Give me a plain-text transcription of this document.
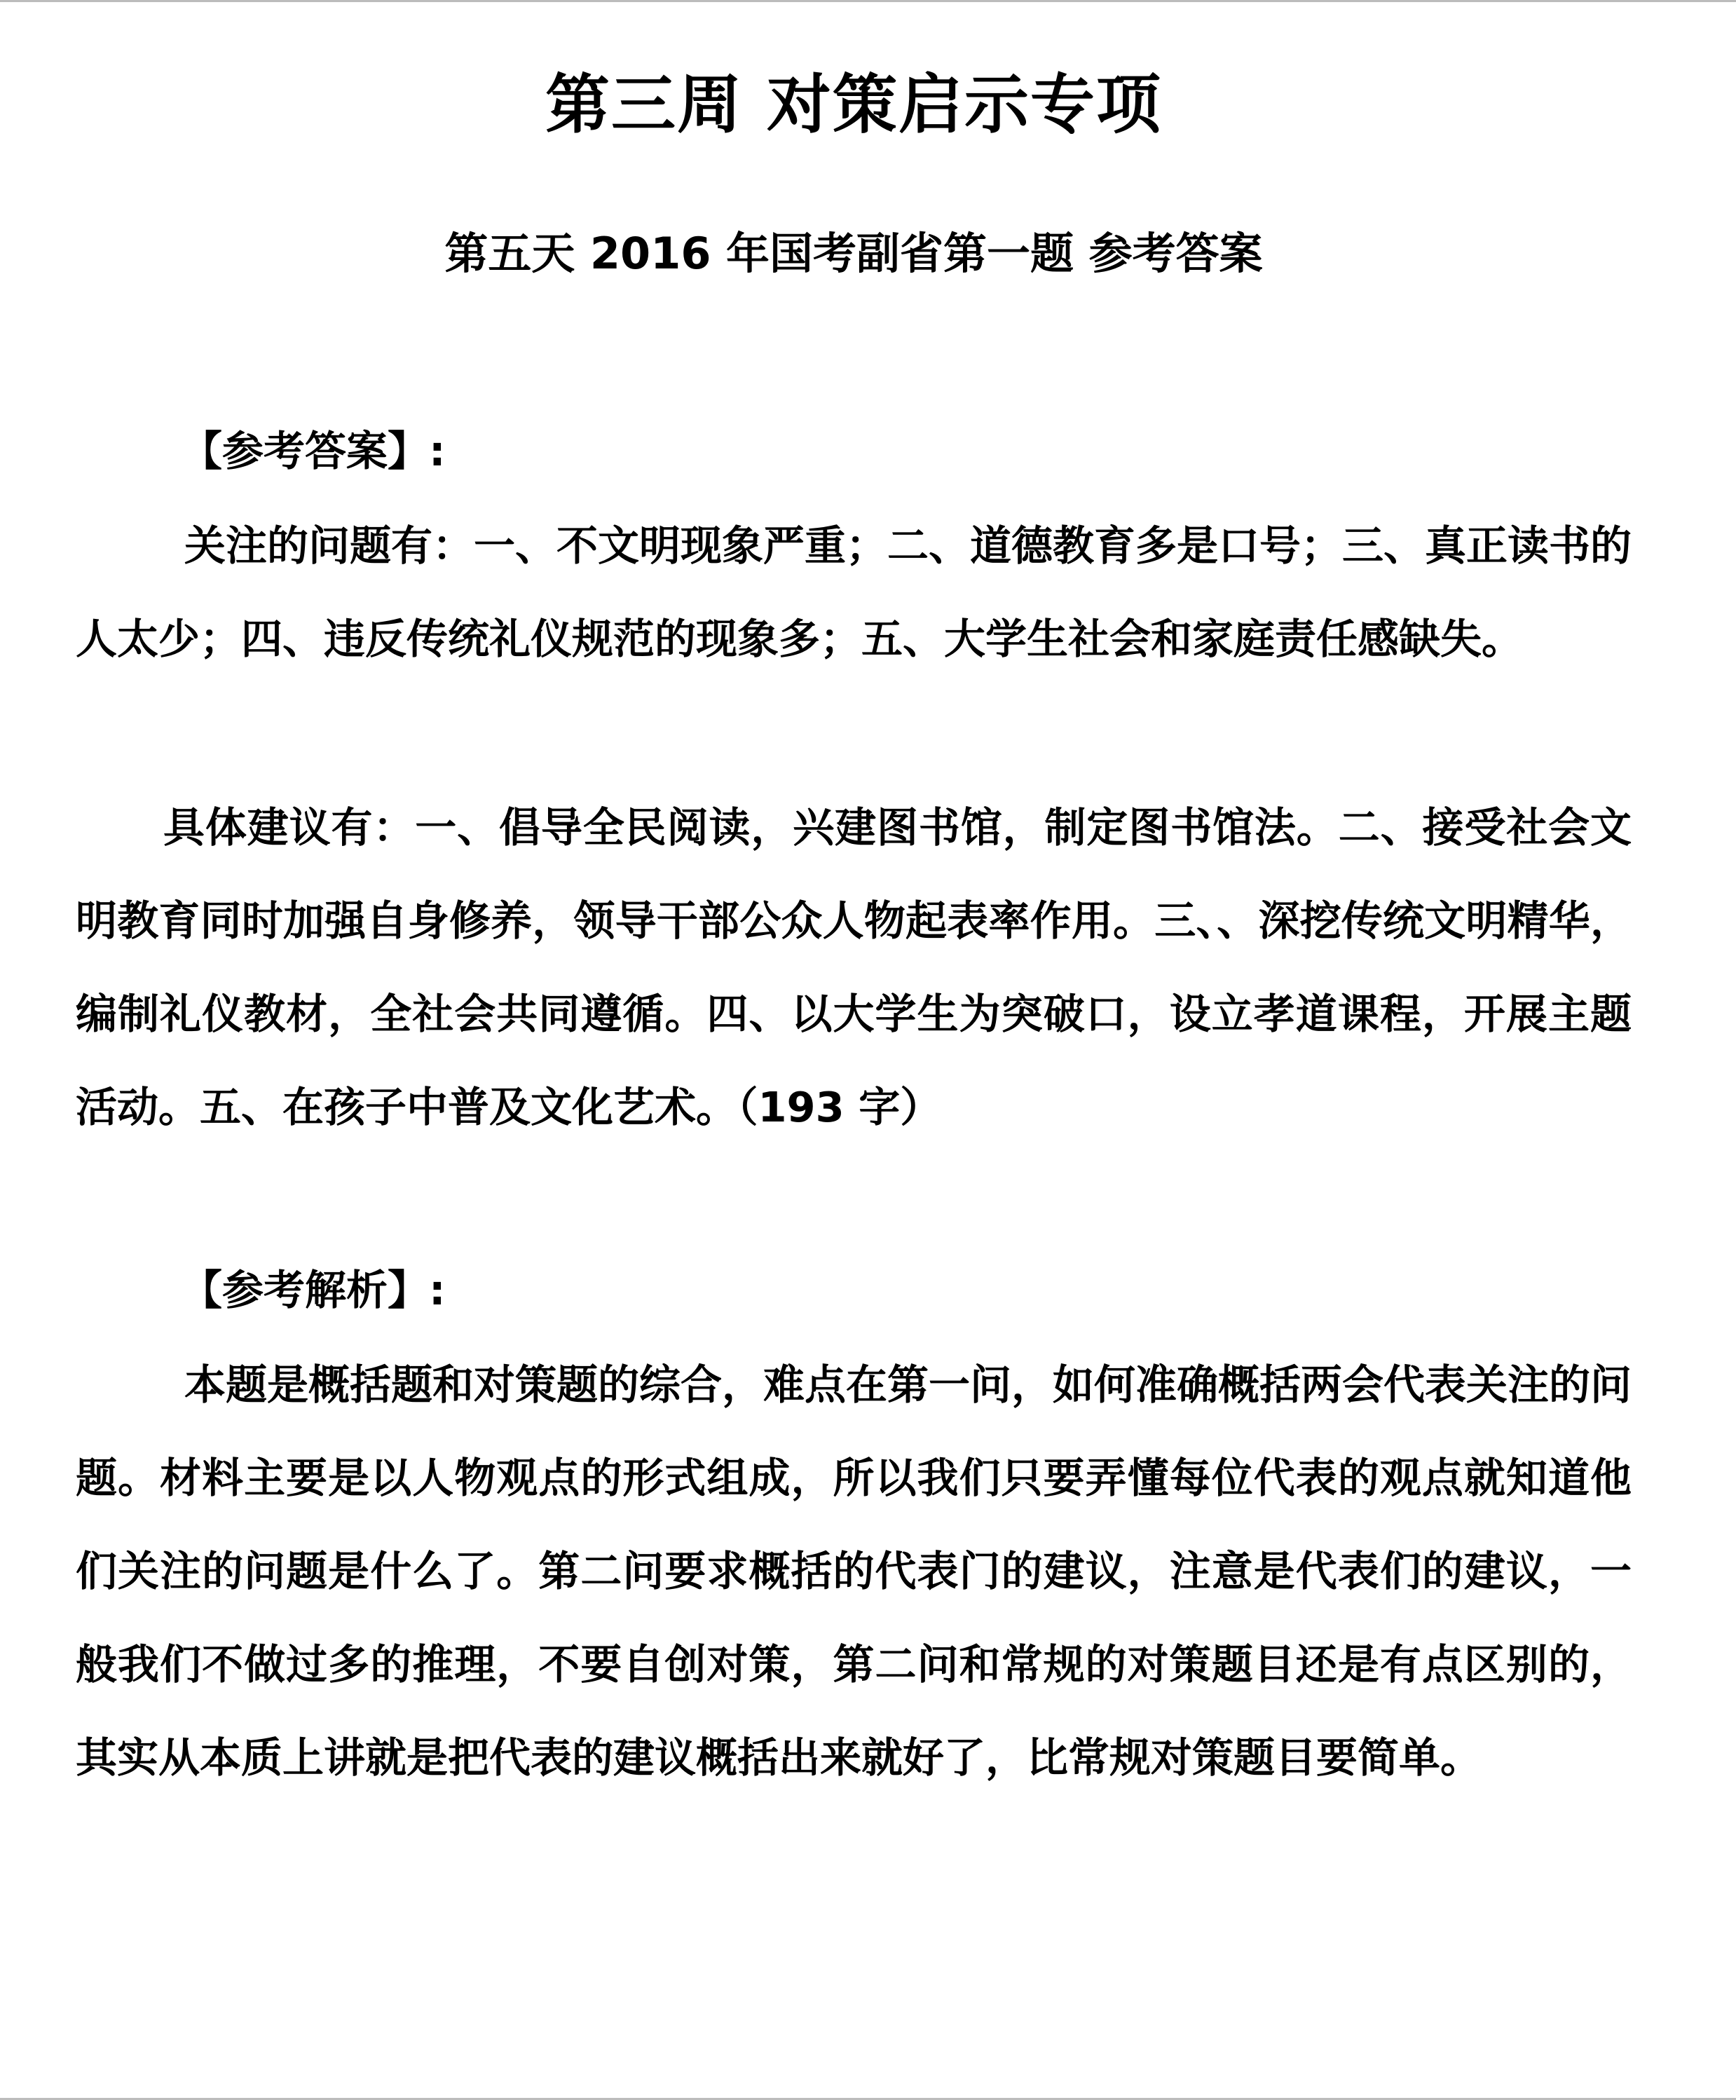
第三周 对策启示专项
第五天 2016 年国考副省第一题 参考答案

【参考答案】:

关注的问题有：一、不文明现象严重；二、道德教育多是口号；三、真正读书的人太少；四、违反传统礼仪规范的现象多；五、大学生社会和家庭责任感缺失。

具体建议有：一、倡导全民阅读，兴建图书馆，制定图书馆法。二、接受社会文明教育同时加强自身修养，领导干部公众人物起表率作用。三、、深挖传统文明精华，编制礼仪教材，全社会共同遵循。四、以大学生为突破口，设立孝道课程，开展主题活动。五、在孩子中普及文化艺术。（193 字）

【参考解析】:

本题是概括题和对策题的综合，难点在第一问，如何准确概括两会代表关注的问题。材料主要是以人物观点的形式组成，所以我们只要弄懂每位代表的观点就知道他们关注的问题是什么了。第二问要求概括的代表门的建议，注意是代表们的建议，一般我们不做过多的推理，不要自创对策，第二问和常规的对策题目还是有点区别的，其实从本质上讲就是把代表的建议概括出来就好了，比常规对策题目要简单。
